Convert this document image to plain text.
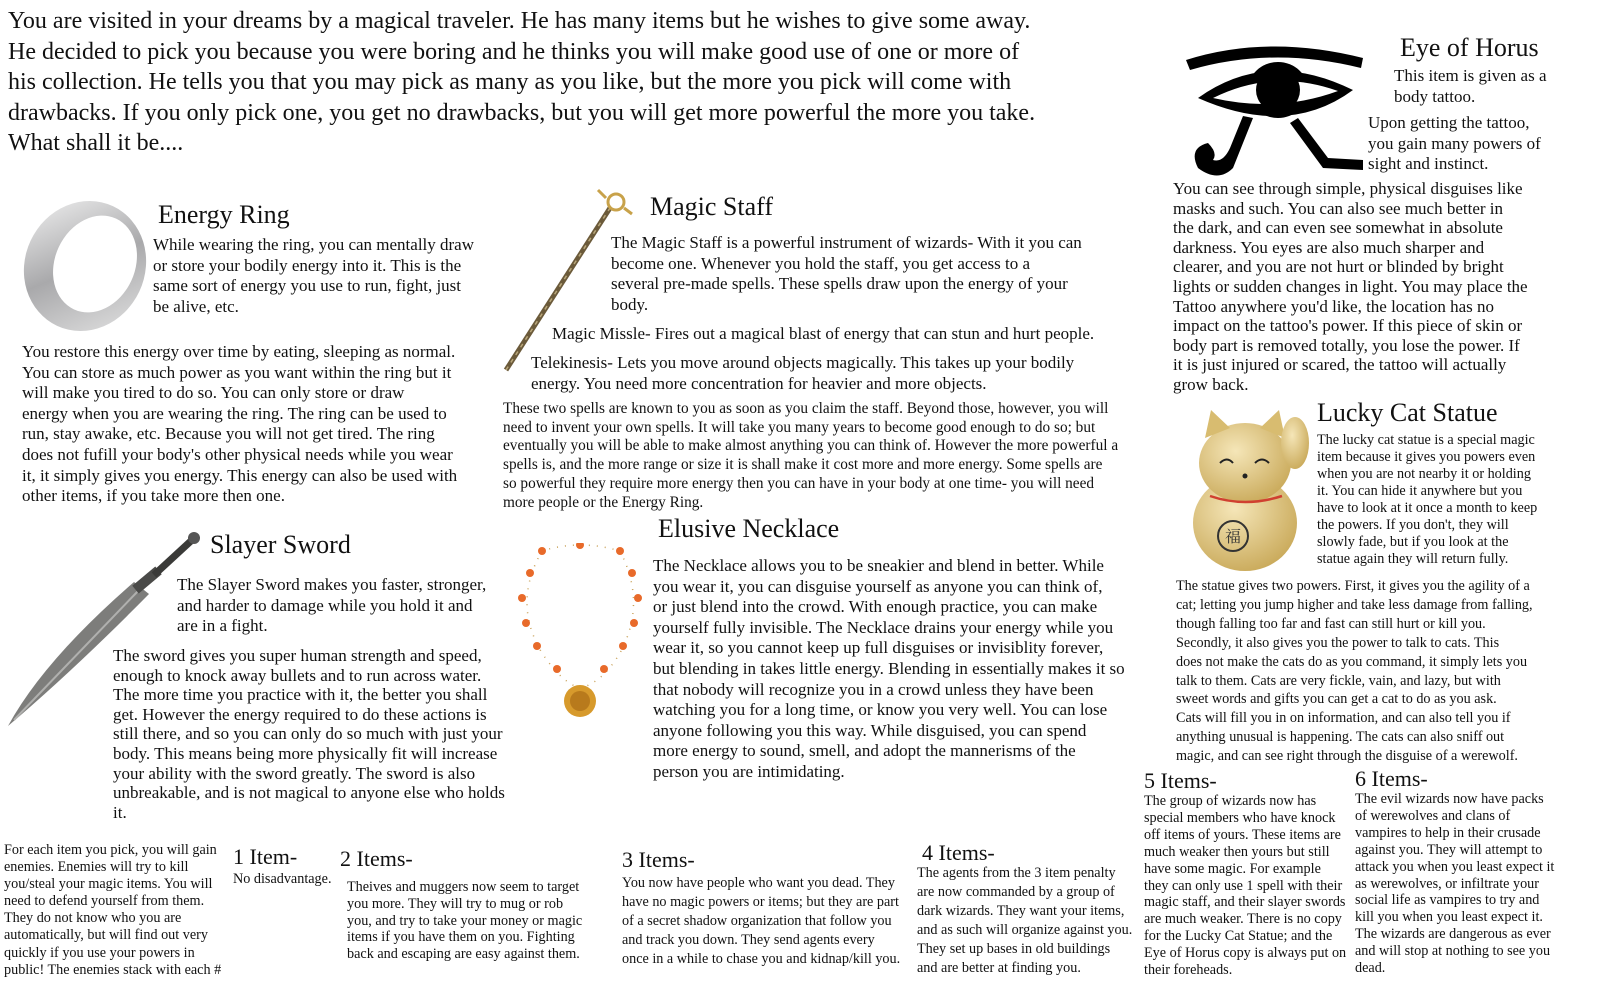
You are visited in your dreams by a magical traveler. He has many items but he wishes to give some away.
He decided to pick you because you were boring and he thinks you will make good use of one or more of
his collection. He tells you that you may pick as many as you like, but the more you pick will come with
drawbacks. If you only pick one, you get no drawbacks, but you will get more powerful the more you take.
What shall it be....

Eye of Horus

This item is given as a
body tattoo.

Upon getting the tattoo,
you gain many powers of
sight and instinct.

You can see through simple, physical disguises like
masks and such. You can also see much better in
the dark, and can even see somewhat in absolute
darkness. You eyes are also much sharper and
clearer, and you are not hurt or blinded by bright
lights or sudden changes in light. You may place the
Tattoo anywhere you'd like, the location has no
impact on the tattoo's power. If this piece of skin or
body part is removed totally, you lose the power. If
it is just injured or scared, the tattoo will actually
grow back.

Energy Ring

While wearing the ring, you can mentally draw
or store your bodily energy into it. This is the
same sort of energy you use to run, fight, just
be alive, etc.

You restore this energy over time by eating, sleeping as normal.
You can store as much power as you want within the ring but it
will make you tired to do so. You can only store or draw
energy when you are wearing the ring. The ring can be used to
run, stay awake, etc. Because you will not get tired. The ring
does not fufill your body's other physical needs while you wear
it, it simply gives you energy. This energy can also be used with
other items, if you take more then one.

Magic Staff

The Magic Staff is a powerful instrument of wizards- With it you can
become one. Whenever you hold the staff, you get access to a
several pre-made spells. These spells draw upon the energy of your
body.

Magic Missle- Fires out a magical blast of energy that can stun and hurt people.

Telekinesis- Lets you move around objects magically. This takes up your bodily
energy. You need more concentration for heavier and more objects.

These two spells are known to you as soon as you claim the staff. Beyond those, however, you will
need to invent your own spells. It will take you many years to become good enough to do so; but
eventually you will be able to make almost anything you can think of. However the more powerful a
spells is, and the more range or size it is shall make it cost more and more energy. Some spells are
so powerful they require more energy then you can have in your body at one time- you will need
more people or the Energy Ring.

Slayer Sword

The Slayer Sword makes you faster, stronger,
and harder to damage while you hold it and
are in a fight.

The sword gives you super human strength and speed,
enough to knock away bullets and to run across water.
The more time you practice with it, the better you shall
get. However the energy required to do these actions is
still there, and so you can only do so much with just your
body. This means being more physically fit will increase
your ability with the sword greatly. The sword is also
unbreakable, and is not magical to anyone else who holds
it.

Elusive Necklace

The Necklace allows you to be sneakier and blend in better. While
you wear it, you can disguise yourself as anyone you can think of,
or just blend into the crowd. With enough practice, you can make
yourself fully invisible. The Necklace drains your energy while you
wear it, so you cannot keep up full disguises or invisiblity forever,
but blending in takes little energy. Blending in essentially makes it so
that nobody will recognize you in a crowd unless they have been
watching you for a long time, or know you very well. You can lose
anyone following you this way. While disguised, you can spend
more energy to sound, smell, and adopt the mannerisms of the
person you are intimidating.

福

Lucky Cat Statue

The lucky cat statue is a special magic
item because it gives you powers even
when you are not nearby it or holding
it. You can hide it anywhere but you
have to look at it once a month to keep
the powers. If you don't, they will
slowly fade, but if you look at the
statue again they will return fully.

The statue gives two powers. First, it gives you the agility of a
cat; letting you jump higher and take less damage from falling,
though falling too far and fast can still hurt or kill you.
Secondly, it also gives you the power to talk to cats. This
does not make the cats do as you command, it simply lets you
talk to them. Cats are very fickle, vain, and lazy, but with
sweet words and gifts you can get a cat to do as you ask.
Cats will fill you in on information, and can also tell you if
anything unusual is happening. The cats can also sniff out
magic, and can see right through the disguise of a werewolf.

For each item you pick, you will gain
enemies. Enemies will try to kill
you/steal your magic items. You will
need to defend yourself from them.
They do not know who you are
automatically, but will find out very
quickly if you use your powers in
public! The enemies stack with each #

1 Item-

No disadvantage.

2 Items-

Theives and muggers now seem to target
you more. They will try to mug or rob
you, and try to take your money or magic
items if you have them on you. Fighting
back and escaping are easy against them.

3 Items-

You now have people who want you dead. They
have no magic powers or items; but they are part
of a secret shadow organization that follow you
and track you down. They send agents every
once in a while to chase you and kidnap/kill you.

4 Items-

The agents from the 3 item penalty
are now commanded by a group of
dark wizards. They want your items,
and as such will organize against you.
They set up bases in old buildings
and are better at finding you.

5 Items-

The group of wizards now has
special members who have knock
off items of yours. These items are
much weaker then yours but still
have some magic. For example
they can only use 1 spell with their
magic staff, and their slayer swords
are much weaker. There is no copy
for the Lucky Cat Statue; and the
Eye of Horus copy is always put on
their foreheads.

6 Items-

The evil wizards now have packs
of werewolves and clans of
vampires to help in their crusade
against you. They will attempt to
attack you when you least expect it
as werewolves, or infiltrate your
social life as vampires to try and
kill you when you least expect it.
The wizards are dangerous as ever
and will stop at nothing to see you
dead.
